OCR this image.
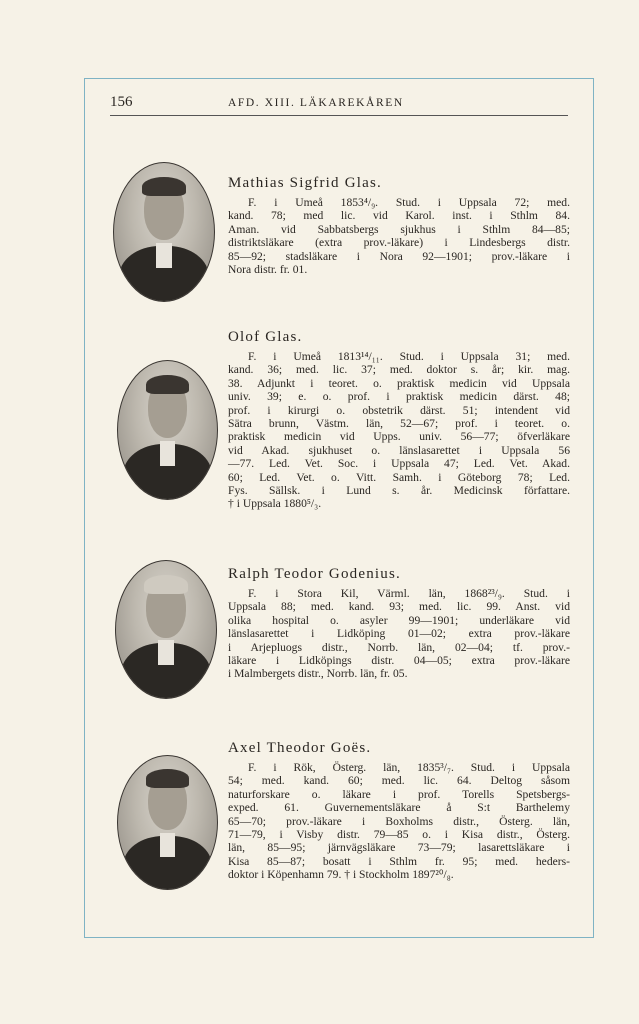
156	AFD. XIII. LÄKAREKÅREN
Mathias Sigfrid Glas.
F. i Umeå 1853⁴/₉. Stud. i Uppsala 72; med.
kand. 78; med lic. vid Karol. inst. i Sthlm 84.
Aman. vid Sabbatsbergs sjukhus i Sthlm 84—85;
distriktsläkare (extra prov.-läkare) i Lindesbergs distr.
85—92; stadsläkare i Nora 92—1901; prov.-läkare i
Nora distr. fr. 01.
Olof Glas.
F. i Umeå 1813¹⁴/₁₁. Stud. i Uppsala 31; med.
kand. 36; med. lic. 37; med. doktor s. år; kir. mag.
38. Adjunkt i teoret. o. praktisk medicin vid Uppsala
univ. 39; e. o. prof. i praktisk medicin därst. 48;
prof. i kirurgi o. obstetrik därst. 51; intendent vid
Sätra brunn, Västm. län, 52—67; prof. i teoret. o.
praktisk medicin vid Upps. univ. 56—77; öfverläkare
vid Akad. sjukhuset o. länslasarettet i Uppsala 56
—77. Led. Vet. Soc. i Uppsala 47; Led. Vet. Akad.
60; Led. Vet. o. Vitt. Samh. i Göteborg 78; Led.
Fys. Sällsk. i Lund s. år. Medicinsk författare.
† i Uppsala 1880⁵/₃.
Ralph Teodor Godenius.
F. i Stora Kil, Värml. län, 1868²³/₉. Stud. i
Uppsala 88; med. kand. 93; med. lic. 99. Anst. vid
olika hospital o. asyler 99—1901; underläkare vid
länslasarettet i Lidköping 01—02; extra prov.-läkare
i Arjepluogs distr., Norrb. län, 02—04; tf. prov.-
läkare i Lidköpings distr. 04—05; extra prov.-läkare
i Malmbergets distr., Norrb. län, fr. 05.
Axel Theodor Goës.
F. i Rök, Österg. län, 1835³/₇. Stud. i Uppsala
54; med. kand. 60; med. lic. 64. Deltog såsom
naturforskare o. läkare i prof. Torells Spetsbergs-
exped. 61. Guvernementsläkare å S:t Barthelemy
65—70; prov.-läkare i Boxholms distr., Österg. län,
71—79, i Visby distr. 79—85 o. i Kisa distr., Österg.
län, 85—95; järnvägsläkare 73—79; lasarettsläkare i
Kisa 85—87; bosatt i Sthlm fr. 95; med. heders-
doktor i Köpenhamn 79. † i Stockholm 1897²⁰/₈.
